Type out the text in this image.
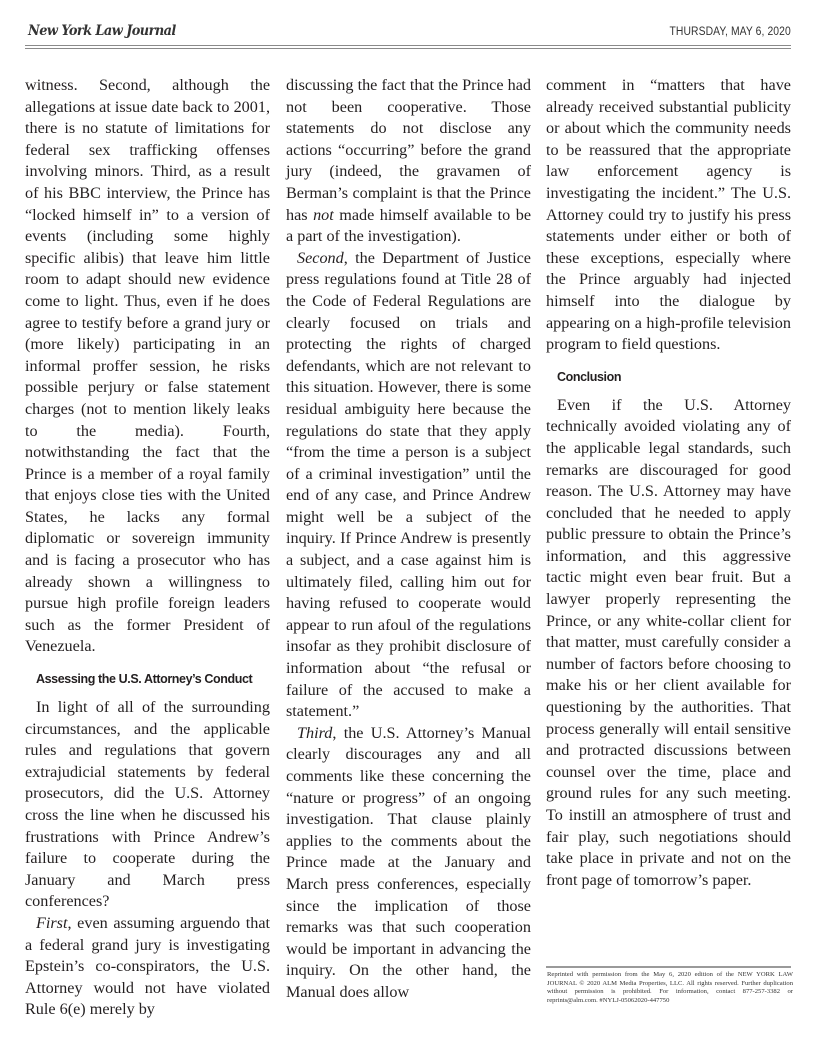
New York Law Journal	THURSDAY, MAY 6, 2020

witness. Second, although the allegations at issue date back to 2001, there is no statute of limitations for federal sex trafficking offenses involving minors. Third, as a result of his BBC interview, the Prince has “locked himself in” to a version of events (including some highly specific alibis) that leave him little room to adapt should new evidence come to light. Thus, even if he does agree to testify before a grand jury or (more likely) participating in an informal proffer session, he risks possible perjury or false statement charges (not to mention likely leaks to the media). Fourth, notwithstanding the fact that the Prince is a member of a royal family that enjoys close ties with the United States, he lacks any formal diplomatic or sovereign immunity and is facing a prosecutor who has already shown a willingness to pursue high profile foreign leaders such as the former President of Venezuela.

Assessing the U.S. Attorney’s Conduct

In light of all of the surrounding circumstances, and the applicable rules and regulations that govern extrajudicial statements by federal prosecutors, did the U.S. Attorney cross the line when he discussed his frustrations with Prince Andrew’s failure to cooperate during the January and March press conferences?

First, even assuming arguendo that a federal grand jury is investigating Epstein’s co-conspirators, the U.S. Attorney would not have violated Rule 6(e) merely by

discussing the fact that the Prince had not been cooperative. Those statements do not disclose any actions “occurring” before the grand jury (indeed, the gravamen of Berman’s complaint is that the Prince has not made himself available to be a part of the investigation).

Second, the Department of Justice press regulations found at Title 28 of the Code of Federal Regulations are clearly focused on trials and protecting the rights of charged defendants, which are not relevant to this situation. However, there is some residual ambiguity here because the regulations do state that they apply “from the time a person is a subject of a criminal investigation” until the end of any case, and Prince Andrew might well be a subject of the inquiry. If Prince Andrew is presently a subject, and a case against him is ultimately filed, calling him out for having refused to cooperate would appear to run afoul of the regulations insofar as they prohibit disclosure of information about “the refusal or failure of the accused to make a statement.”

Third, the U.S. Attorney’s Manual clearly discourages any and all comments like these concerning the “nature or progress” of an ongoing investigation. That clause plainly applies to the comments about the Prince made at the January and March press conferences, especially since the implication of those remarks was that such cooperation would be important in advancing the inquiry. On the other hand, the Manual does allow

comment in “matters that have already received substantial publicity or about which the community needs to be reassured that the appropriate law enforcement agency is investigating the incident.” The U.S. Attorney could try to justify his press statements under either or both of these exceptions, especially where the Prince arguably had injected himself into the dialogue by appearing on a high-profile television program to field questions.

Conclusion

Even if the U.S. Attorney technically avoided violating any of the applicable legal standards, such remarks are discouraged for good reason. The U.S. Attorney may have concluded that he needed to apply public pressure to obtain the Prince’s information, and this aggressive tactic might even bear fruit. But a lawyer properly representing the Prince, or any white-collar client for that matter, must carefully consider a number of factors before choosing to make his or her client available for questioning by the authorities. That process generally will entail sensitive and protracted discussions between counsel over the time, place and ground rules for any such meeting. To instill an atmosphere of trust and fair play, such negotiations should take place in private and not on the front page of tomorrow’s paper.

Reprinted with permission from the May 6, 2020 edition of the NEW YORK LAW JOURNAL © 2020 ALM Media Properties, LLC. All rights reserved. Further duplication without permission is prohibited. For information, contact 877-257-3382 or reprints@alm.com. #NYLJ-05062020-447750
